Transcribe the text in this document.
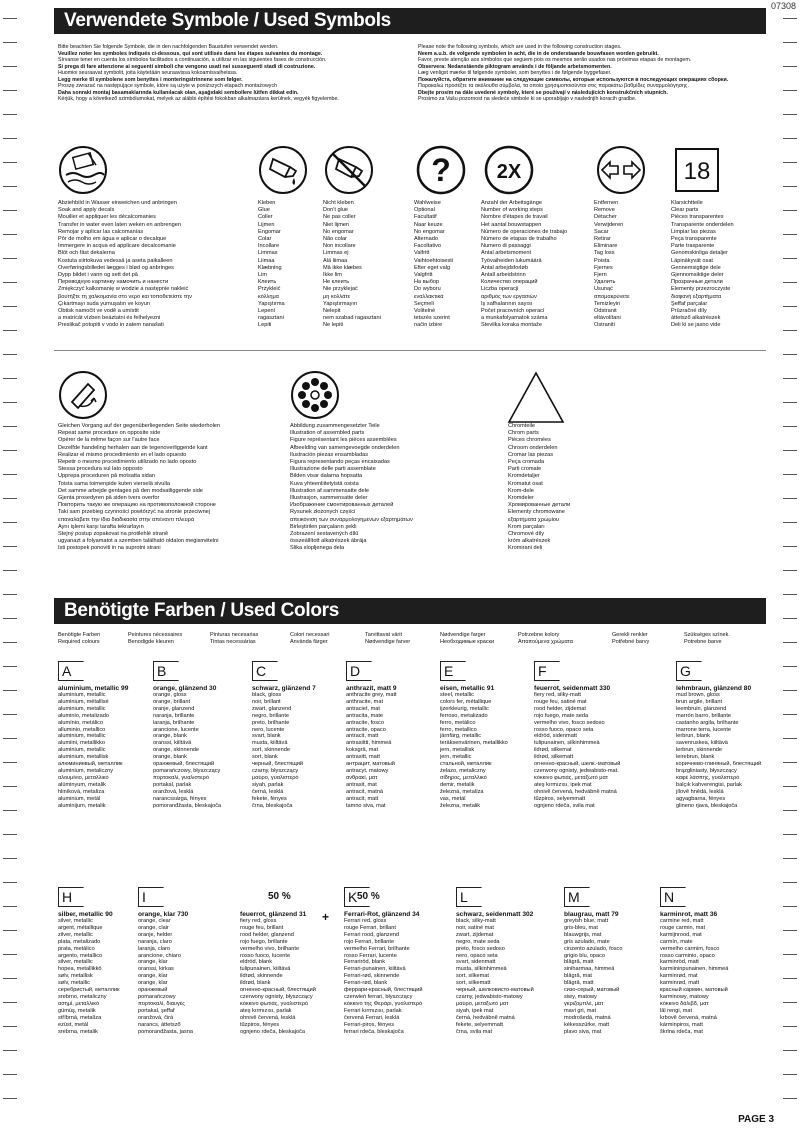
07308
Verwendete Symbole / Used Symbols
Bitte beachten Sie folgende Symbole, die in den nachfolgenden Baustufen verwendet werden.
Veuillez noter les symboles indiqués ci-dessous, qui sont utilisés dans les étapes suivantes du montage.
Sírvanse tener en cuenta los símbolos facilitados a continuación, a utilizar en las siguientes fases de construcción.
Si prega di fare attenzione ai seguenti simboli che vengono usati nei susseguenti stadi di costruzione.
Huomioi seuraavat symbolit, joita käytetään seuraavissa kokoamisvaiheissa.
Legg merke til symbolene som benyttes i monteringstrinnene som følger.
Proszę zwrazać na następujące symbole, które są użyte w poniższych etapach montażowych
Daha sonraki montaj basamaklarında kullanılacak olan, aşağıdaki sembollere lütfen dikkat edin.
Kérjük, hogy a következő szimbólumokat, melyek az alábbi építési fokokban alkalmazásra kerülnek, vegyék figyelembe.
Please note the following symbols, which are used in the following construction stages.
Neem a.u.b. de volgende symbolen in acht, die in de onderstaande bouwfasen worden gebruikt.
Favor, preste atenção aos símbolos que seguem pois os mesmos serão usados nas próximas etapas de montagem.
Observera: Nedanstående piktogram används i de följande arbetsmomenten.
Læg venligst mærke til følgende symboler, som benyttes i de følgende byggefaser.
Пожалуйста, обратите внимание на следующие символы, которые используются в последующих операциях сборки.
Παρακαλώ προσέξτε τα ακόλουθα σύμβολα, τα οποία χρησιμοποιούνται στις παρακάτω βαθμίδες συναρμολόγησης.
Dbejte prosím na dále uvedené symboly, které se používají v následujících konstrukčních stupních.
Prosimo za Vašu pozornost na sledeće simbole ki se uporabljajo v naslednjih koracih gradbe.
? 2X	18
Abziehbild in Wasser einweichen und anbringen
Soak and apply decals
Mouiller et appliquer les décalcomanies
Transfer in water even laten weken en anbrengen
Remojar y aplicar las calcomanías
Pôr de molho em água e aplicar o decalque
Immergere in acqua ed applicare decalcomanie
Blöt och fäst dekalerna
Kostuta siirtokuva vedessä ja aseta paikalleen
Overføringsbilledet lægges i blød og anbringes
Dypp bildet i vann og sett det på
Переводную картинку намочить и нанести
Zmiękczyć kalkomanię w wodzie a następnie nakleić
βουτήξτε τη χαλκομανία στο νερό και τοποθετείστε την
Çıkartmayı suda yumuşatın ve koyun
Obtisk namočit ve vodě a umístit
a matricát vízben beáztatni és felhelyezni
Preslikač potopiti v vodo in zatem nanašati
Kleben
Glue
Coller
Lijmen
Engomar
Colar
Incollare
Limmas
Liimaa
Klæbning
Lim
Клеить
Przykleić
κόλλημα
Yapıştırma
Lepení
ragasztani
Lepiti
Nicht kleben
Don't glue
Ne pas coller
Niet lijmen
No engomar
Não colar
Non incollare
Limmas ej
Älä liimaa
Må ikke klæbes
Ikke lim
Не клеить
Nie przyklejać
μη κολλάτε
Yapıştırmayın
Nelepit
nem szabad ragasztani
Ne lepiti
Wahlweise
Optional
Facultatif
Naar keuze
No engomar
Alternado
Facoltativo
Valfritt
Vaihtoehtoisesti
Efter eget valg
Valgfritt
На выбор
Do wyboru
εναλλακτικά
Seçmeli
Volitelné
tetszés szerint
način izbire
Anzahl der Arbeitsgänge
Number of working steps
Nombre d'étapes de travail
Het aantal bouwstappen
Número de operaciones de trabajo
Número de etapas de trabalho
Numero di passaggi
Antal arbetsmoment
Työvaiheiden lukumäärä
Antal arbejdsforløb
Antall arbeidstrinn
Количество операций
Liczba operacji
αριθμός των εργασιών
İş safhalarının sayısı
Počet pracovních operací
a munkafolyamatok száma
Številka koraka montaže
Entfernen
Remove
Détacher
Verwijderen
Sacar
Retirar
Eliminare
Tag loss
Poista
Fjernes
Fjern
Удалить
Usunąć
απομακρύνετε
Temizleyin
Odstranit
eltávolítani
Ostraniti
Klarsichtteile
Clear parts
Pièces transparentes
Transparente onderdelen
Limpiar las piezas
Peça transparente
Parte trasparente
Genomskinliga detaljer
Läpinäkyvät osat
Gennemsigtige dele
Gjennomsiktige deler
Прозрачные детали
Elementy przezroczyste
διαφανή εξαρτήματα
Şeffaf parçalar
Průzračné díly
áttetsző alkatrészek
Deli ki se jasno vide
Gleichen Vorgang auf der gegenüberliegenden Seite wiederholen
Repeat same procedure on opposite side
Opérer de la même façon sur l'autre face
Dezelfde handeling herhalen aan de tegenoverliggende kant
Realizar el mismo procedimiento en el lado opuesto
Repetir o mesmo procedimento utilizado no lado oposto
Stessa procedura sul lato opposto
Upprepa proceduren på motsatta sidan
Toista sama toimenpide kuten vierselä sivulla
Det samme arbejde gentages på den modsatliggende side
Gjenta prosedyren på siden tvers overfor
Повторить такую же операцию на противоположной стороне
Taki sam przebieg czynności powtórzyć na stronie przeciwnej
επαναλάβετε την ίδια διαδικασία στην απέναντι πλευρά
Aynı işlemi karşı tarafta tekrarlayın
Stejný postup zopakovat na protilehlé straně
ugyanazt a folyamatot a szemben található oldalon megismételni
Isti postopek ponoviti in na suprotni strani
Abbildung zusammengesetzter Teile
Illustration of assembled parts
Figure représentant les pièces assemblées
Afbeelding van samengevoegde onderdelen
Ilustración piezas ensambladas
Figura representando peças encaixadas
Illustrazione delle parti assemblate
Bilden visar dalarna hopsatta
Kuva yhteenliitetyistä osista
Illustration af sammensatte dele
Illustrasjon, sammensatte deler
Изображение смонтированных деталей
Rysunek złożonych części
απεικόνιση των συναρμολογημένων εξαρτημάτων
Birleştirilen parçaların şekli
Zobrazení sestavených dílů
összeállított alkatrészek ábrája
Slika sloplјenega dela
Chromteile
Chrom parts
Pièces chromées
Chroom onderdelen
Cromar las piezas
Peça cromada
Parti cromate
Kromdetaljer
Kromatut osat
Krom-dele
Kromdeler
Хромированные детали
Elementy chromowane
εξαρτήματα χρωμίου
Krom parçaları
Chromové díly
króm alkatrészek
Kromirani deli
Benötigte Farben / Used Colors
Benötigte Farben
Required colours
Peintures nécessaires
Benodigde kleuren
Pinturas necesarias
Tintas necessárias
Colori necessari
Använda färger
Tarvittavat värit
Nødvendige farver
Nødvendige farger
Необходимые краски
Potrzebne kolory
Απαιτούμενα χρώματα
Gerekli renkler
Potřebné barvy
Szükséges színek.
Potrebne barve
A
aluminium, metallic 99
aluminium, metallic
aluminium, métallisé
aluminium, metallic
aluminio, metalizado
alumínio, metálico
alluminio, metallico
aluminium, metallic
alumiini, metallikko
aluminium, metallic
aluminium, metallisk
алюминиевый, металлик
aluminium, metaliczny
αλουμίνιο, μεταλλικό
alüminyum, metalik
hliníková, metalíza
aluminium, metál
aluminijum, metalik
B
orange, glänzend 30
orange, gloss
orange, brillant
oranje, glanzend
naranja, brillante
laranja, brilhante
arancione, lucente
orange, blank
oranssi, kiiltävä
orange, skinnende
orange, blank
оранжевый, блестящий
pomarańczowy, błyszczący
πορτοκαλί, γυαλιστερό
portakal, parlak
oranžová, lesklá
narancssárga, fényes
pomoranđžasta, bleskajoča
C
schwarz, glänzend 7
black, gloss
noir, brillant
zwart, glanzend
negro, brillante
preto, brilhante
nero, lucente
svart, blank
musta, kiiltävä
sort, skinnende
sort, blank
черный, блестящий
czarny, błyszczący
μαύρο, γυαλιστερό
siyah, parlak
černá, lesklá
fekete, fényes
črna, bleskajoča
D
anthrazit, matt 9
anthracite grey, matt
anthracite, mat
antraciet, mat
antracita, mate
antracite, fosco
antracite, opaco
antracit, matt
antrasiitti, himmeä
koksgrå, mat
antrasitt, matt
антрацит, матовый
antracyt, matowy
ανθρακί, ματ
antrasit, mat
antracit, matná
antracit, matt
tamno siva, mat
E
eisen, metallic 91
steel, metallic
colors fer, métallique
ijzerkleurig, metallic
ferroso, metalizado
ferro, metálico
ferro, metallico
järnfärg, metallic
teräksenvärinen, metallikko
jern, metallisk
jern, metallic
стальной, металлик
żelazo, metaliczny
σίδηρος, μεταλλικό
demir, metalik
železná, metalíza
vas, metál
železna, metalik
F
feuerrot, seidenmatt 330
fiery red, silky-matt
rouge feu, satiné mat
rood helder, zijdemat
rojo fuego, mate seda
vermelho vivo, fosco sedoso
rosso fuoco, opaco seta
eldröd, sidenmatt
tulipunainen, silkinhimmeä
ildrød, silkemat
ildrød, silkematt
огненно-красный, шелк.-матовый
czerwony ognisty, jedwabisto-mat.
κόκκινο φωτιάς, μεταξωτό ματ
ateş kırmızısı, ipek mat
ohnivě červená, hedvábně matná
tűzpiros, selyemmatt
ognjeno rdeča, svila mat
G
lehmbraun, glänzend 80
mud brown, gloss
brun argile, brillant
leembruin, glanzend
marrón barro, brillante
castanho argila, brilhante
marrone terra, lucente
lerbrun, blank
savenruskea, kiiltävä
lerbrun, skinnende
leirebrun, blank
коричнево-глиняный, блестящий
brązgliniasty, błyszczący
καφέ λάσπης, γυαλιστερό
balçık kahverengisi, parlak
jílově hnědá, lesklá
agyagbarna, fényes
glineno rjava, bleskajoča
H
silber, metallic 90
silver, metallic
argent, métallique
zilver, metallic
plata, metalizado
prata, metálico
argento, metallico
silver, metallic
hopea, metallikkö
sølv, metallisk
sølv, metallic
серебристый, металлик
srebrno, metaliczny
ασημί, μεταλλικό
gümüş, metalik
stříbrná, metalíza
ezüst, metál
srebrna, metalik
I
orange, klar 730
orange, clear
orange, clair
oranje, helder
naranja, claro
laranja, claro
arancione, chiaro
orange, klar
oranssi, kirkas
orange, klar
orange, klar
оранжевый
pomarańczowy
πορτοκαλί, διαυγές
portakal, şeffaf
oranžová, čirá
narancs, áttetsző
pomoranđžasta, jasna
feuerrot, glänzend 31
fiery red, gloss
rouge feu, brillant
rood helder, glanzend
rojo fuego, brillante
vermelho vivo, brilhante
rosso fuoco, lucente
eldröd, blank
tulipunainen, kiiltävä
ildrød, skinnende
ildrød, blank
огненно-красный, блестящий
czerwony ognisty, błyszczący
κόκκινο φωτιάς, γυαλιστερό
ateş kırmızısı, parlak
ohnivě červená, lesklá
tűzpiros, fényes
ognjeno rdeča, bleskajoča
K
Ferrari-Rot, glänzend 34
Ferrari red, gloss
rouge Ferrari, brillant
Ferrari rood, glanzend
rojo Ferrari, brillante
vermelho Ferrari, brilhante
rosso Ferrari, lucente
Ferrariröd, blank
Ferrari-punainen, kiiltävä
Ferrari-rød, skinnende
Ferrari-rød, blank
феррари-красный, блестящий
czerwień ferrari, błyszczący
κόκκινο της Φεράρι, γυαλιστερό
Ferrari kırmızısı, parlak
červená Ferrari, lesklá
Ferrari-piros, fényes
ferrari rdeča, bleskajoča
L
schwarz, seidenmatt 302
black, silky-matt
noir, satiné mat
zwart, zijdemat
negro, mate seda
preto, fosco sedoso
nero, opaco seta
svart, sidenmatt
musta, silkinhimmeä
sort, silkemat
sort, silkematt
черный, шелковисто-матовый
czarny, jedwabisto-matowy
μαύρο, μεταξωτό ματ
siyah, ipek mat
černá, hedvábně matná
fekete, selyemmatt
črna, svila mat
M
blaugrau, matt 79
greyish blue, matt
gris-bleu, mat
blauwgrijs, mat
gris azulado, mate
cinzento azulado, fosco
grigio blu, opaco
blågrå, matt
siniharmaa, himmeä
blågrå, mat
blågrå, matt
сизо-серый, матовый
siwy, matowy
γκριζομπλέ, ματ
mavi gri, mat
modrošedá, matná
kékesszürke, matt
plavo siva, mat
N
karminrot, matt 36
carmine red, matt
rouge carmin, mat
karmijnrood, mat
carmín, mate
vermelho carmim, fosco
rosso carminio, opaco
karminröd, matt
karmiininpunainen, himmeä
karminrød, mat
karminrød, matt
красный кармин, матовый
karminowy, matowy
κόκκινο δάλιβδ, ματ
lâl rengi, mat
krbově červená, matná
kárminpiros, matt
škrlna rdeča, mat
50 %	50 %
+
PAGE 3
